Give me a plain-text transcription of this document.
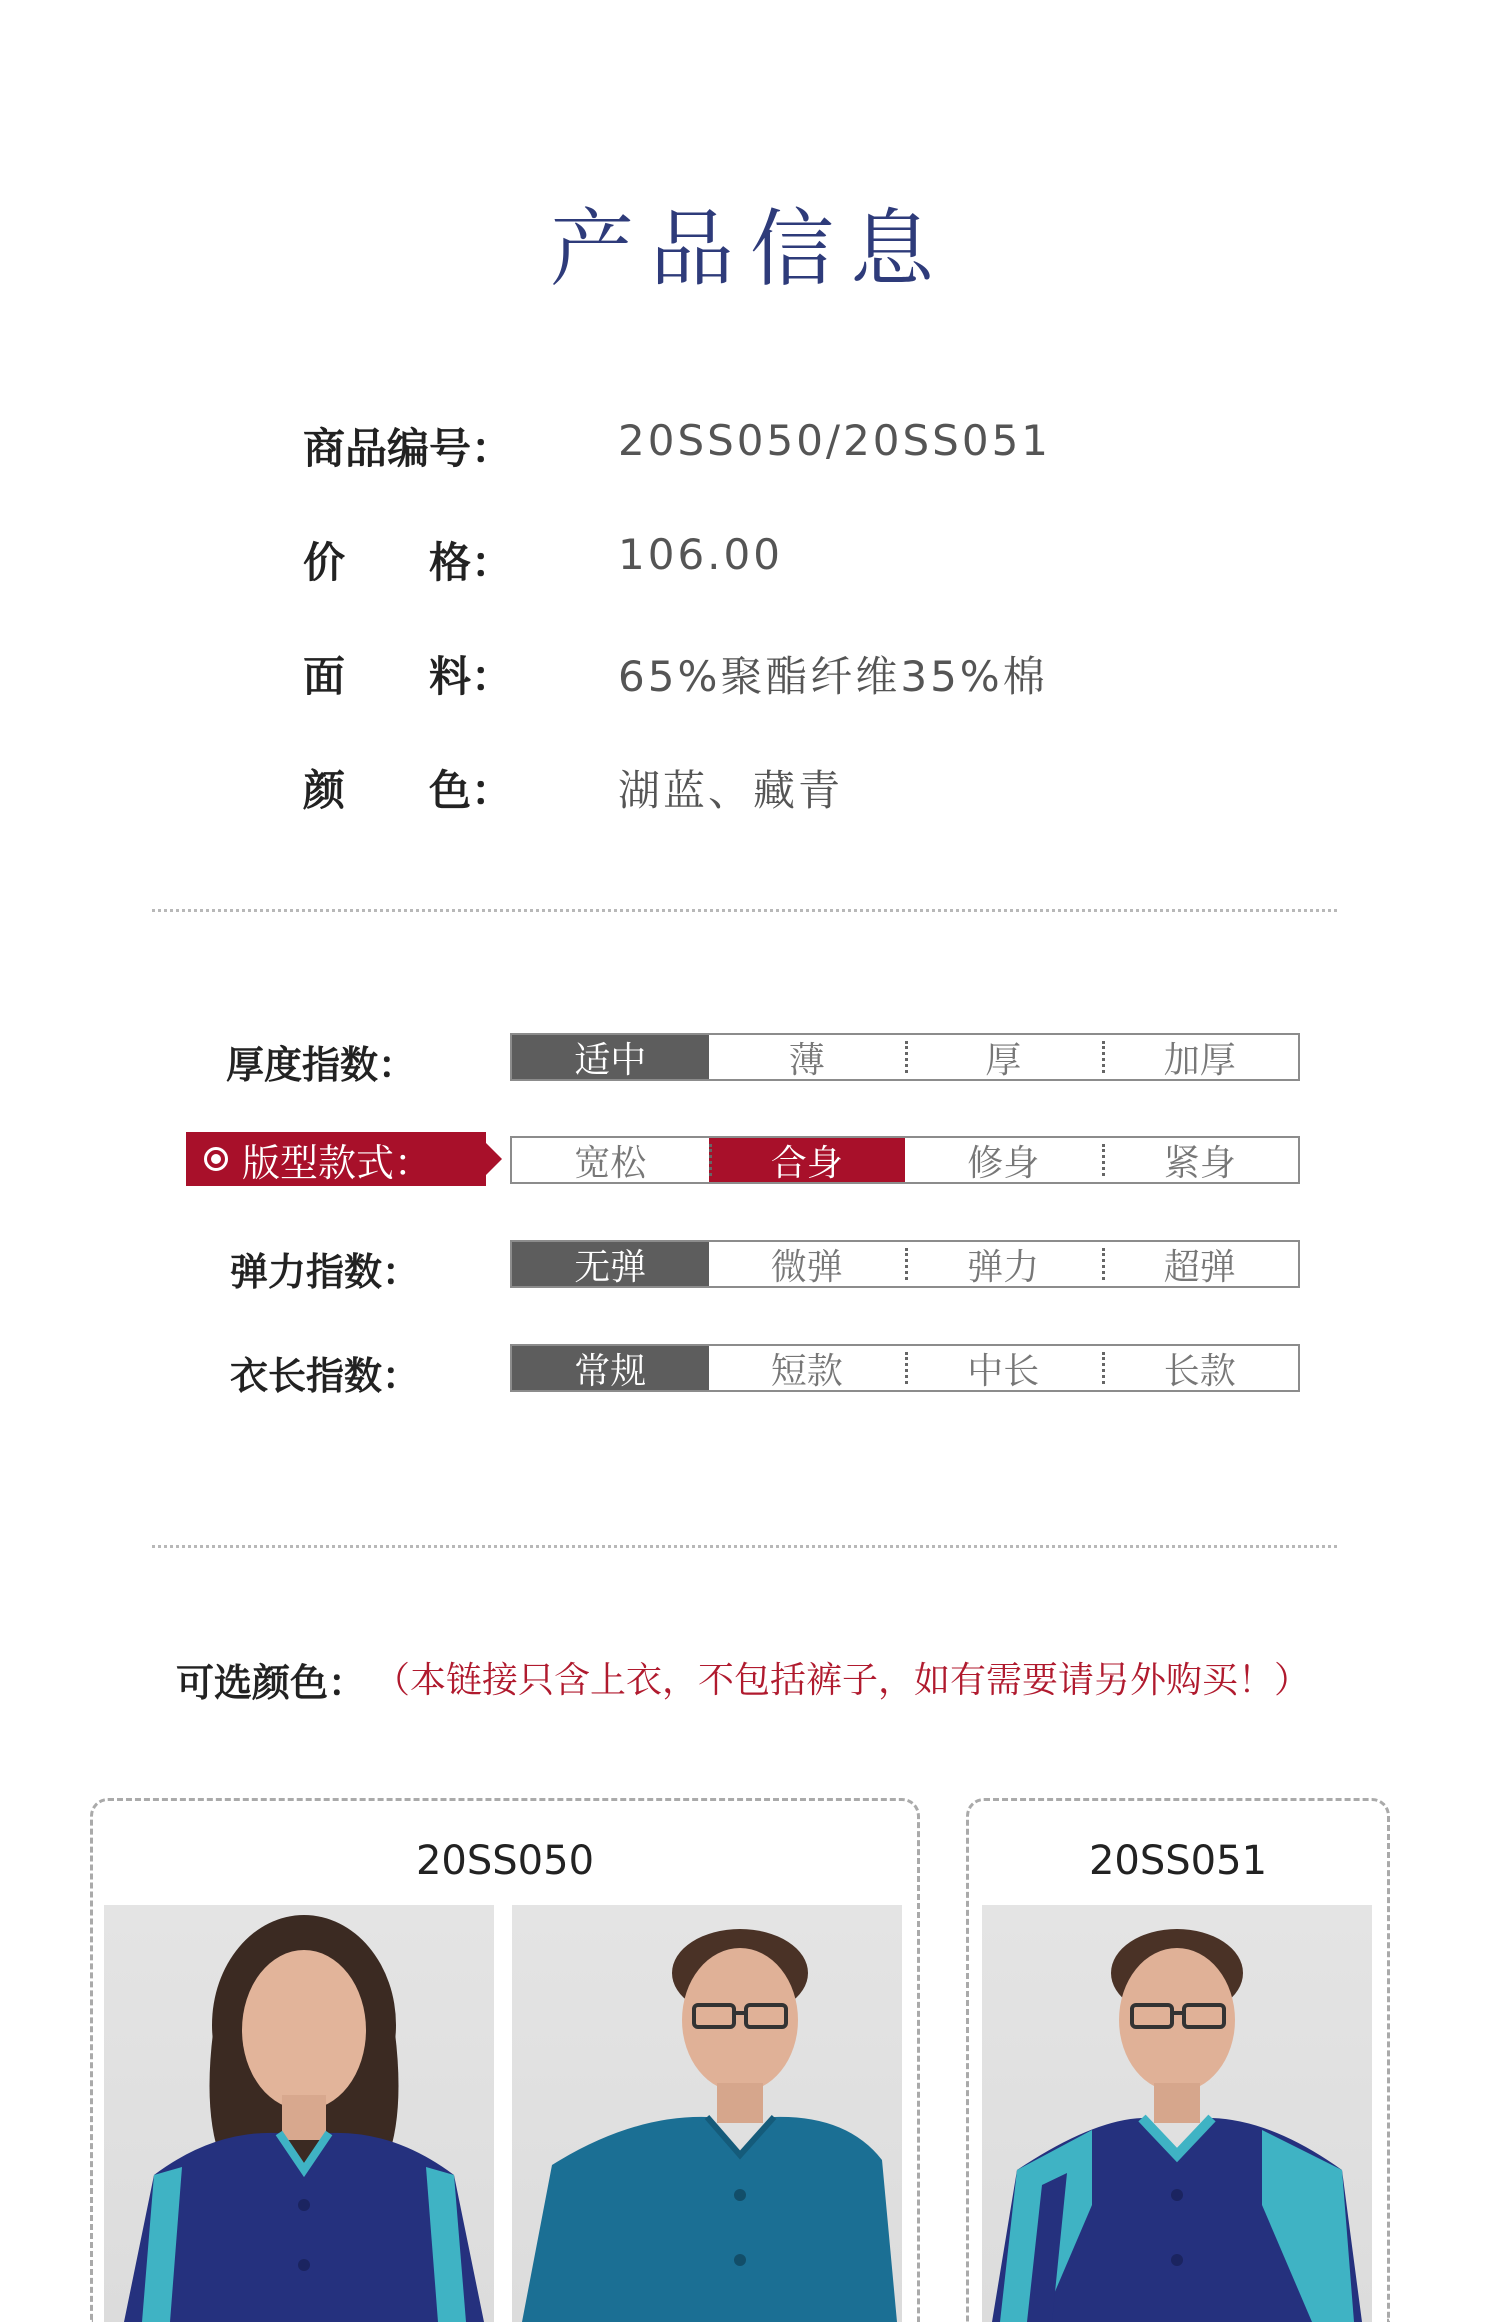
产品信息
商品编号： 20SS050/20SS051
价　　格： 106.00
面　　料： 65%聚酯纤维35%棉
颜　　色： 湖蓝、藏青
厚度指数：	适中	薄	厚	加厚
版型款式：	宽松	合身	修身	紧身
弹力指数：	无弹	微弹	弹力	超弹
衣长指数：	常规	短款	中长	长款
可选颜色： （本链接只含上衣，不包括裤子，如有需要请另外购买！）
20SS050	20SS051
